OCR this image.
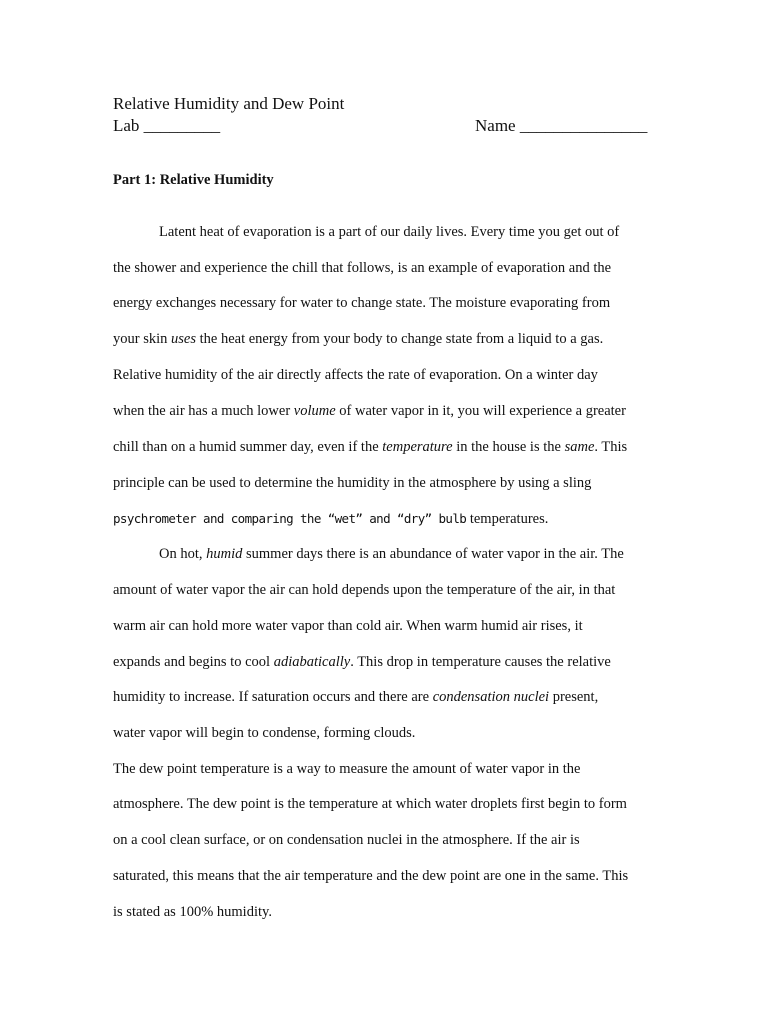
Relative Humidity and Dew Point
Lab _________	Name _______________
Part 1: Relative Humidity
Latent heat of evaporation is a part of our daily lives. Every time you get out of
the shower and experience the chill that follows, is an example of evaporation and the
energy exchanges necessary for water to change state. The moisture evaporating from
your skin uses the heat energy from your body to change state from a liquid to a gas.
Relative humidity of the air directly affects the rate of evaporation. On a winter day
when the air has a much lower volume of water vapor in it, you will experience a greater
chill than on a humid summer day, even if the temperature in the house is the same. This
principle can be used to determine the humidity in the atmosphere by using a sling
psychrometer and comparing the “wet” and “dry” bulb temperatures.
On hot, humid summer days there is an abundance of water vapor in the air. The
amount of water vapor the air can hold depends upon the temperature of the air, in that
warm air can hold more water vapor than cold air. When warm humid air rises, it
expands and begins to cool adiabatically. This drop in temperature causes the relative
humidity to increase. If saturation occurs and there are condensation nuclei present,
water vapor will begin to condense, forming clouds.
The dew point temperature is a way to measure the amount of water vapor in the
atmosphere. The dew point is the temperature at which water droplets first begin to form
on a cool clean surface, or on condensation nuclei in the atmosphere. If the air is
saturated, this means that the air temperature and the dew point are one in the same. This
is stated as 100% humidity.
